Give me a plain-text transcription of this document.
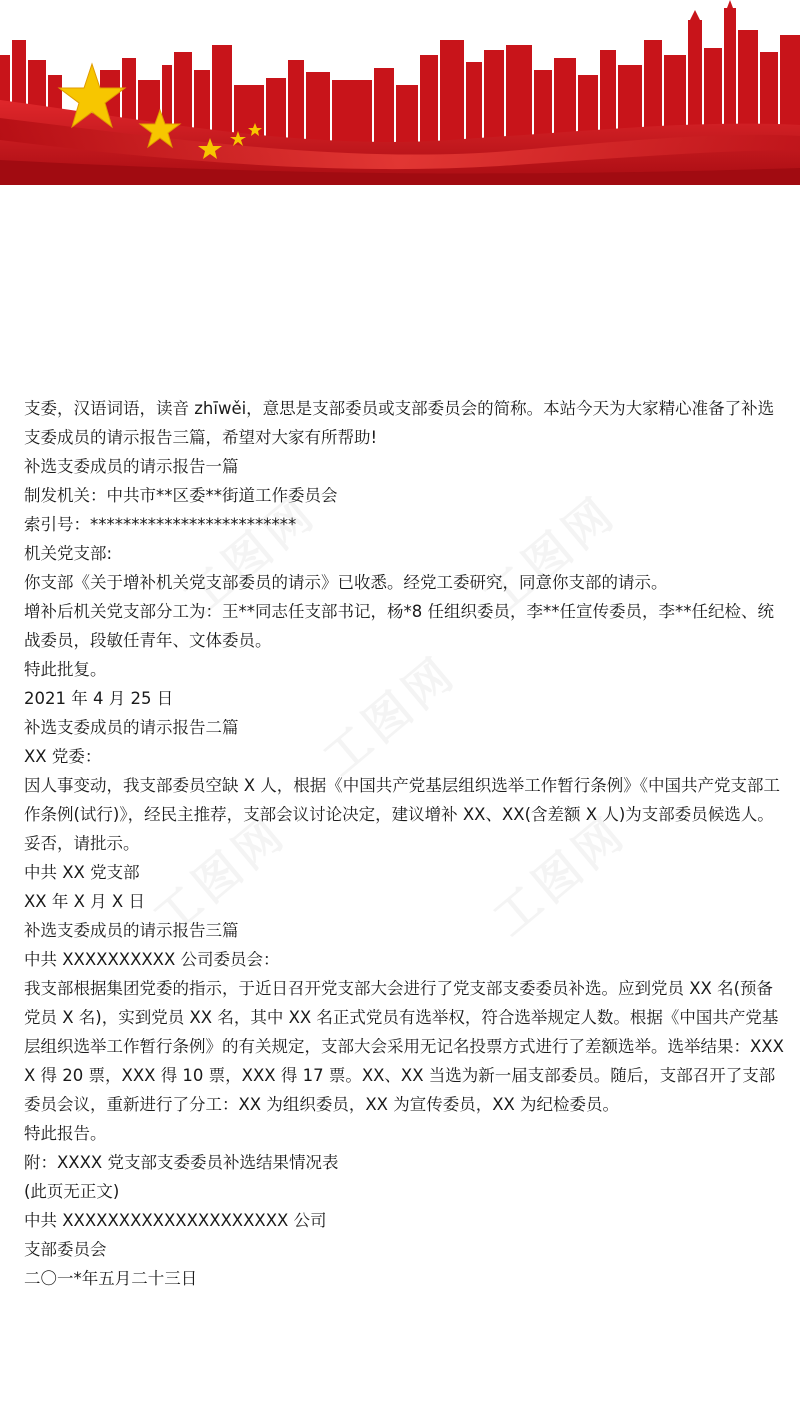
支委，汉语词语，读音 zhīwěi，意思是支部委员或支部委员会的简称。本站今天为大家精心准备了补选支委成员的请示报告三篇，希望对大家有所帮助!

补选支委成员的请示报告一篇

制发机关：中共市**区委**街道工作委员会

索引号：*************************

机关党支部:

你支部《关于增补机关党支部委员的请示》已收悉。经党工委研究，同意你支部的请示。

增补后机关党支部分工为：王**同志任支部书记，杨*8 任组织委员，李**任宣传委员，李**任纪检、统战委员，段敏任青年、文体委员。

特此批复。

2021 年 4 月 25 日

补选支委成员的请示报告二篇

XX 党委：

因人事变动，我支部委员空缺 X 人，根据《中国共产党基层组织选举工作暂行条例》《中国共产党支部工作条例(试行)》，经民主推荐，支部会议讨论决定，建议增补 XX、XX(含差额 X 人)为支部委员候选人。

妥否，请批示。

中共 XX 党支部

XX 年 X 月 X 日

补选支委成员的请示报告三篇

中共 XXXXXXXXXX 公司委员会：

我支部根据集团党委的指示，于近日召开党支部大会进行了党支部支委委员补选。应到党员 XX 名(预备党员 X 名)，实到党员 XX 名，其中 XX 名正式党员有选举权，符合选举规定人数。根据《中国共产党基层组织选举工作暂行条例》的有关规定，支部大会采用无记名投票方式进行了差额选举。选举结果：XXXX 得 20 票，XXX 得 10 票，XXX 得 17 票。XX、XX 当选为新一届支部委员。随后，支部召开了支部委员会议，重新进行了分工：XX 为组织委员，XX 为宣传委员，XX 为纪检委员。

特此报告。

附：XXXX 党支部支委委员补选结果情况表

(此页无正文)

中共 XXXXXXXXXXXXXXXXXXXX 公司

支部委员会

二〇一*年五月二十三日
